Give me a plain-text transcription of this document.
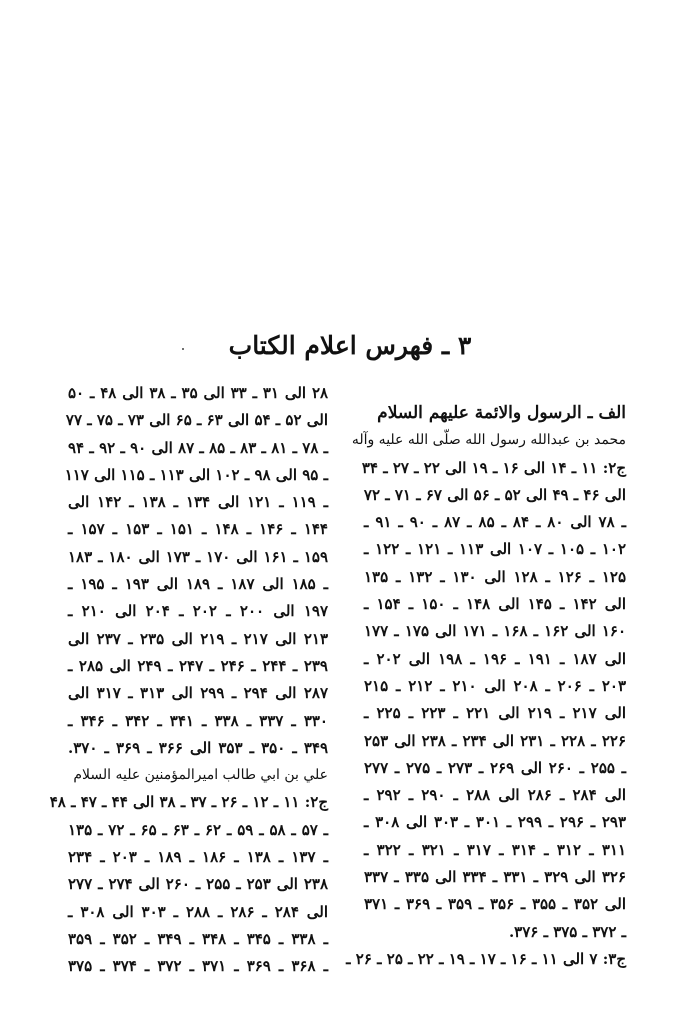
۳ ـ فهرس اعلام الکتاب
الف ـ الرسول والائمة علیهم السلام
محمد بن عبدالله رسول الله صلّی الله علیه وآله
ج۲: ۱۱ ـ ۱۴ الی ۱۶ ـ ۱۹ الی ۲۲ ـ ۲۷ ـ ۳۴
الی ۴۶ ـ ۴۹ الی ۵۲ ـ ۵۶ الی ۶۷ ـ ۷۱ ـ ۷۲
ـ ۷۸ الی ۸۰ ـ ۸۴ ـ ۸۵ ـ ۸۷ ـ ۹۰ ـ ۹۱ ـ
۱۰۲ ـ ۱۰۵ ـ ۱۰۷ الی ۱۱۳ ـ ۱۲۱ ـ ۱۲۲ ـ
۱۲۵ ـ ۱۲۶ ـ ۱۲۸ الی ۱۳۰ ـ ۱۳۲ ـ ۱۳۵
الی ۱۴۲ ـ ۱۴۵ الی ۱۴۸ ـ ۱۵۰ ـ ۱۵۴ ـ
۱۶۰ الی ۱۶۲ ـ ۱۶۸ ـ ۱۷۱ الی ۱۷۵ ـ ۱۷۷
الی ۱۸۷ ـ ۱۹۱ ـ ۱۹۶ ـ ۱۹۸ الی ۲۰۲ ـ
۲۰۳ ـ ۲۰۶ ـ ۲۰۸ الی ۲۱۰ ـ ۲۱۲ ـ ۲۱۵
الی ۲۱۷ ـ ۲۱۹ الی ۲۲۱ ـ ۲۲۳ ـ ۲۲۵ ـ
۲۲۶ ـ ۲۲۸ ـ ۲۳۱ الی ۲۳۴ ـ ۲۳۸ الی ۲۵۳
ـ ۲۵۵ ـ ۲۶۰ الی ۲۶۹ ـ ۲۷۳ ـ ۲۷۵ ـ ۲۷۷
الی ۲۸۴ ـ ۲۸۶ الی ۲۸۸ ـ ۲۹۰ ـ ۲۹۲ ـ
۲۹۳ ـ ۲۹۶ ـ ۲۹۹ ـ ۳۰۱ ـ ۳۰۳ الی ۳۰۸ ـ
۳۱۱ ـ ۳۱۲ ـ ۳۱۴ ـ ۳۱۷ ـ ۳۲۱ ـ ۳۲۲ ـ
۳۲۶ الی ۳۲۹ ـ ۳۳۱ ـ ۳۳۴ الی ۳۳۵ ـ ۳۳۷
الی ۳۵۲ ـ ۳۵۵ ـ ۳۵۶ ـ ۳۵۹ ـ ۳۶۹ ـ ۳۷۱
ـ ۳۷۲ ـ ۳۷۵ ـ ۳۷۶.
ج۳: ۷ الی ۱۱ ـ ۱۶ ـ ۱۷ ـ ۱۹ ـ ۲۲ ـ ۲۵ ـ ۲۶ ـ
۲۸ الی ۳۱ ـ ۳۳ الی ۳۵ ـ ۳۸ الی ۴۸ ـ ۵۰
الی ۵۲ ـ ۵۴ الی ۶۳ ـ ۶۵ الی ۷۳ ـ ۷۵ ـ ۷۷
ـ ۷۸ ـ ۸۱ ـ ۸۳ ـ ۸۵ ـ ۸۷ الی ۹۰ ـ ۹۲ ـ ۹۴
ـ ۹۵ الی ۹۸ ـ ۱۰۲ الی ۱۱۳ ـ ۱۱۵ الی ۱۱۷
ـ ۱۱۹ ـ ۱۲۱ الی ۱۳۴ ـ ۱۳۸ ـ ۱۴۲ الی
۱۴۴ ـ ۱۴۶ ـ ۱۴۸ ـ ۱۵۱ ـ ۱۵۳ ـ ۱۵۷ ـ
۱۵۹ ـ ۱۶۱ الی ۱۷۰ ـ ۱۷۳ الی ۱۸۰ ـ ۱۸۳
ـ ۱۸۵ الی ۱۸۷ ـ ۱۸۹ الی ۱۹۳ ـ ۱۹۵ ـ
۱۹۷ الی ۲۰۰ ـ ۲۰۲ ـ ۲۰۴ الی ۲۱۰ ـ
۲۱۳ الی ۲۱۷ ـ ۲۱۹ الی ۲۳۵ ـ ۲۳۷ الی
۲۳۹ ـ ۲۴۴ ـ ۲۴۶ ـ ۲۴۷ ـ ۲۴۹ الی ۲۸۵ ـ
۲۸۷ الی ۲۹۴ ـ ۲۹۹ الی ۳۱۳ ـ ۳۱۷ الی
۳۳۰ ـ ۳۳۷ ـ ۳۳۸ ـ ۳۴۱ ـ ۳۴۲ ـ ۳۴۶ ـ
۳۴۹ ـ ۳۵۰ ـ ۳۵۳ الی ۳۶۶ ـ ۳۶۹ ـ ۳۷۰.
علي بن ابي طالب امیرالمؤمنین علیه السلام
ج۲: ۱۱ ـ ۱۲ ـ ۲۶ ـ ۳۷ ـ ۳۸ الی ۴۴ ـ ۴۷ ـ ۴۸
ـ ۵۷ ـ ۵۸ ـ ۵۹ ـ ۶۲ ـ ۶۳ ـ ۶۵ ـ ۷۲ ـ ۱۳۵
ـ ۱۳۷ ـ ۱۳۸ ـ ۱۸۶ ـ ۱۸۹ ـ ۲۰۳ ـ ۲۳۴
۲۳۸ الی ۲۵۳ ـ ۲۵۵ ـ ۲۶۰ الی ۲۷۴ ـ ۲۷۷
الی ۲۸۴ ـ ۲۸۶ ـ ۲۸۸ ـ ۳۰۳ الی ۳۰۸ ـ
ـ ۳۳۸ ـ ۳۴۵ ـ ۳۴۸ ـ ۳۴۹ ـ ۳۵۲ ـ ۳۵۹
ـ ۳۶۸ ـ ۳۶۹ ـ ۳۷۱ ـ ۳۷۲ ـ ۳۷۴ ـ ۳۷۵
